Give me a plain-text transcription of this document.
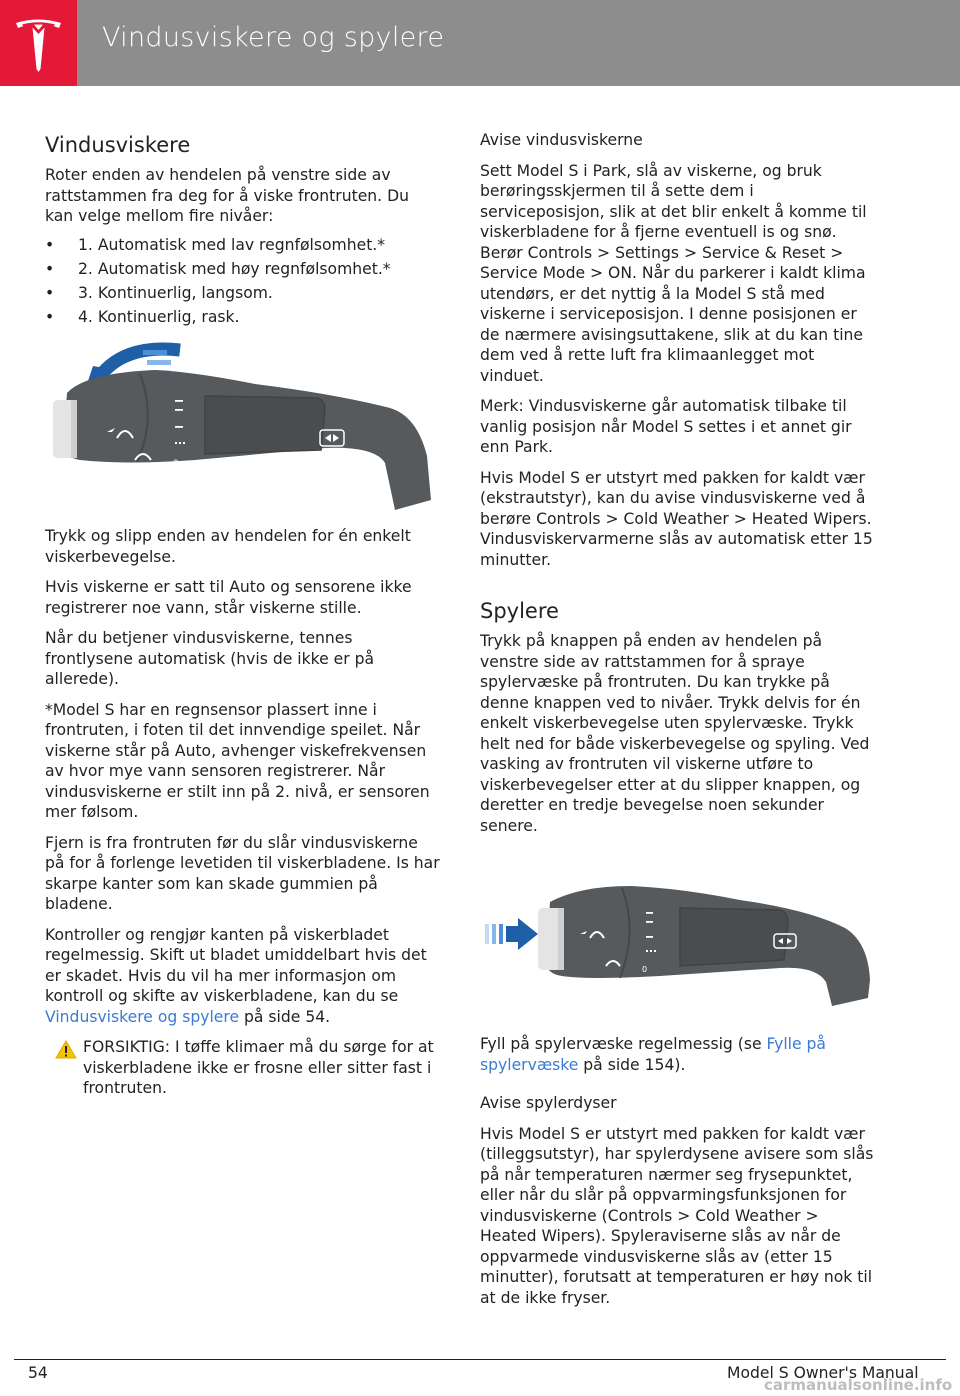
Vindusviskere og spylere

Vindusviskere

Roter enden av hendelen på venstre side av rattstammen fra deg for å viske frontruten. Du kan velge mellom fire nivåer:

• 1. Automatisk med lav regnfølsomhet.*
• 2. Automatisk med høy regnfølsomhet.*
• 3. Kontinuerlig, langsom.
• 4. Kontinuerlig, rask.
0

Trykk og slipp enden av hendelen for én enkelt viskerbevegelse.

Hvis viskerne er satt til Auto og sensorene ikke registrerer noe vann, står viskerne stille.

Når du betjener vindusviskerne, tennes frontlysene automatisk (hvis de ikke er på allerede).

*Model S har en regnsensor plassert inne i frontruten, i foten til det innvendige speilet. Når viskerne står på Auto, avhenger viskefrekvensen av hvor mye vann sensoren registrerer. Når vindusviskerne er stilt inn på 2. nivå, er sensoren mer følsom.

Fjern is fra frontruten før du slår vindusviskerne på for å forlenge levetiden til viskerbladene. Is har skarpe kanter som kan skade gummien på bladene.

Kontroller og rengjør kanten på viskerbladet regelmessig. Skift ut bladet umiddelbart hvis det er skadet. Hvis du vil ha mer informasjon om kontroll og skifte av viskerbladene, kan du se Vindusviskere og spylere på side 54.

FORSIKTIG: I tøffe klimaer må du sørge for at viskerbladene ikke er frosne eller sitter fast i frontruten.

Avise vindusviskerne

Sett Model S i Park, slå av viskerne, og bruk berøringsskjermen til å sette dem i serviceposisjon, slik at det blir enkelt å komme til viskerbladene for å fjerne eventuell is og snø. Berør Controls > Settings > Service & Reset > Service Mode > ON. Når du parkerer i kaldt klima utendørs, er det nyttig å la Model S stå med viskerne i serviceposisjon. I denne posisjonen er de nærmere avisingsuttakene, slik at du kan tine dem ved å rette luft fra klimaanlegget mot vinduet.

Merk: Vindusviskerne går automatisk tilbake til vanlig posisjon når Model S settes i et annet gir enn Park.

Hvis Model S er utstyrt med pakken for kaldt vær (ekstrautstyr), kan du avise vindusviskerne ved å berøre Controls > Cold Weather > Heated Wipers. Vindusviskervarmerne slås av automatisk etter 15 minutter.

Spylere

Trykk på knappen på enden av hendelen på venstre side av rattstammen for å spraye spylervæske på frontruten. Du kan trykke på denne knappen ved to nivåer. Trykk delvis for én enkelt viskerbevegelse uten spylervæske. Trykk helt ned for både viskerbevegelse og spyling. Ved vasking av frontruten vil viskerne utføre to viskerbevegelser etter at du slipper knappen, og deretter en tredje bevegelse noen sekunder senere.

0

Fyll på spylervæske regelmessig (se Fylle på spylervæske på side 154).

Avise spylerdyser

Hvis Model S er utstyrt med pakken for kaldt vær (tilleggsutstyr), har spylerdysene avisere som slås på når temperaturen nærmer seg frysepunktet, eller når du slår på oppvarmingsfunksjonen for vindusviskerne (Controls > Cold Weather > Heated Wipers). Spyleraviserne slås av når de oppvarmede vindusviskerne slås av (etter 15 minutter), forutsatt at temperaturen er høy nok til at de ikke fryser.

54	Model S Owner's Manual
carmanualsonline.info
